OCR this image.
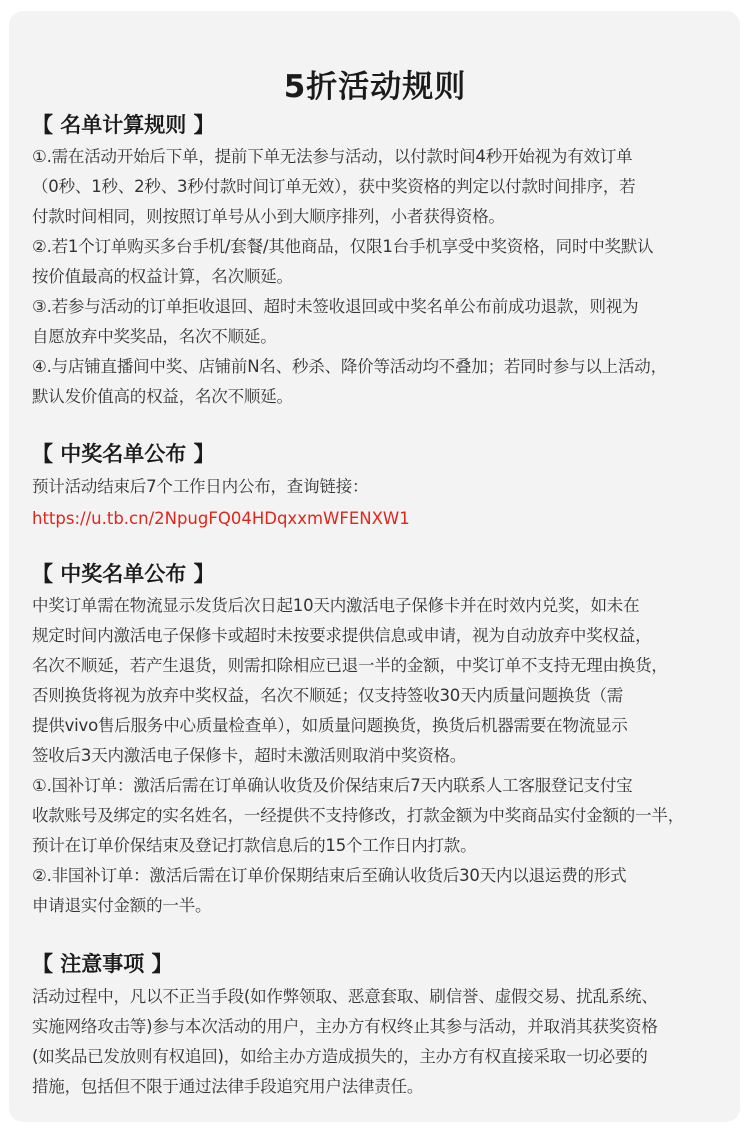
5折活动规则
【 名单计算规则 】

①.需在活动开始后下单，提前下单无法参与活动，以付款时间4秒开始视为有效订单
（0秒、1秒、2秒、3秒付款时间订单无效），获中奖资格的判定以付款时间排序，若
付款时间相同，则按照订单号从小到大顺序排列，小者获得资格。
②.若1个订单购买多台手机/套餐/其他商品，仅限1台手机享受中奖资格，同时中奖默认
按价值最高的权益计算，名次顺延。
③.若参与活动的订单拒收退回、超时未签收退回或中奖名单公布前成功退款，则视为
自愿放弃中奖奖品，名次不顺延。
④.与店铺直播间中奖、店铺前N名、秒杀、降价等活动均不叠加；若同时参与以上活动，
默认发价值高的权益，名次不顺延。

【 中奖名单公布 】

预计活动结束后7个工作日内公布，查询链接：

https://u.tb.cn/2NpugFQ04HDqxxmWFENXW1
【 中奖名单公布 】

中奖订单需在物流显示发货后次日起10天内激活电子保修卡并在时效内兑奖，如未在
规定时间内激活电子保修卡或超时未按要求提供信息或申请，视为自动放弃中奖权益，
名次不顺延，若产生退货，则需扣除相应已退一半的金额，中奖订单不支持无理由换货，
否则换货将视为放弃中奖权益，名次不顺延；仅支持签收30天内质量问题换货（需
提供vivo售后服务中心质量检查单），如质量问题换货，换货后机器需要在物流显示
签收后3天内激活电子保修卡，超时未激活则取消中奖资格。
①.国补订单：激活后需在订单确认收货及价保结束后7天内联系人工客服登记支付宝
收款账号及绑定的实名姓名，一经提供不支持修改，打款金额为中奖商品实付金额的一半，
预计在订单价保结束及登记打款信息后的15个工作日内打款。
②.非国补订单：激活后需在订单价保期结束后至确认收货后30天内以退运费的形式
申请退实付金额的一半。

【 注意事项 】

活动过程中，凡以不正当手段(如作弊领取、恶意套取、刷信誉、虚假交易、扰乱系统、
实施网络攻击等)参与本次活动的用户，主办方有权终止其参与活动，并取消其获奖资格
(如奖品已发放则有权追回)，如给主办方造成损失的，主办方有权直接采取一切必要的
措施，包括但不限于通过法律手段追究用户法律责任。
